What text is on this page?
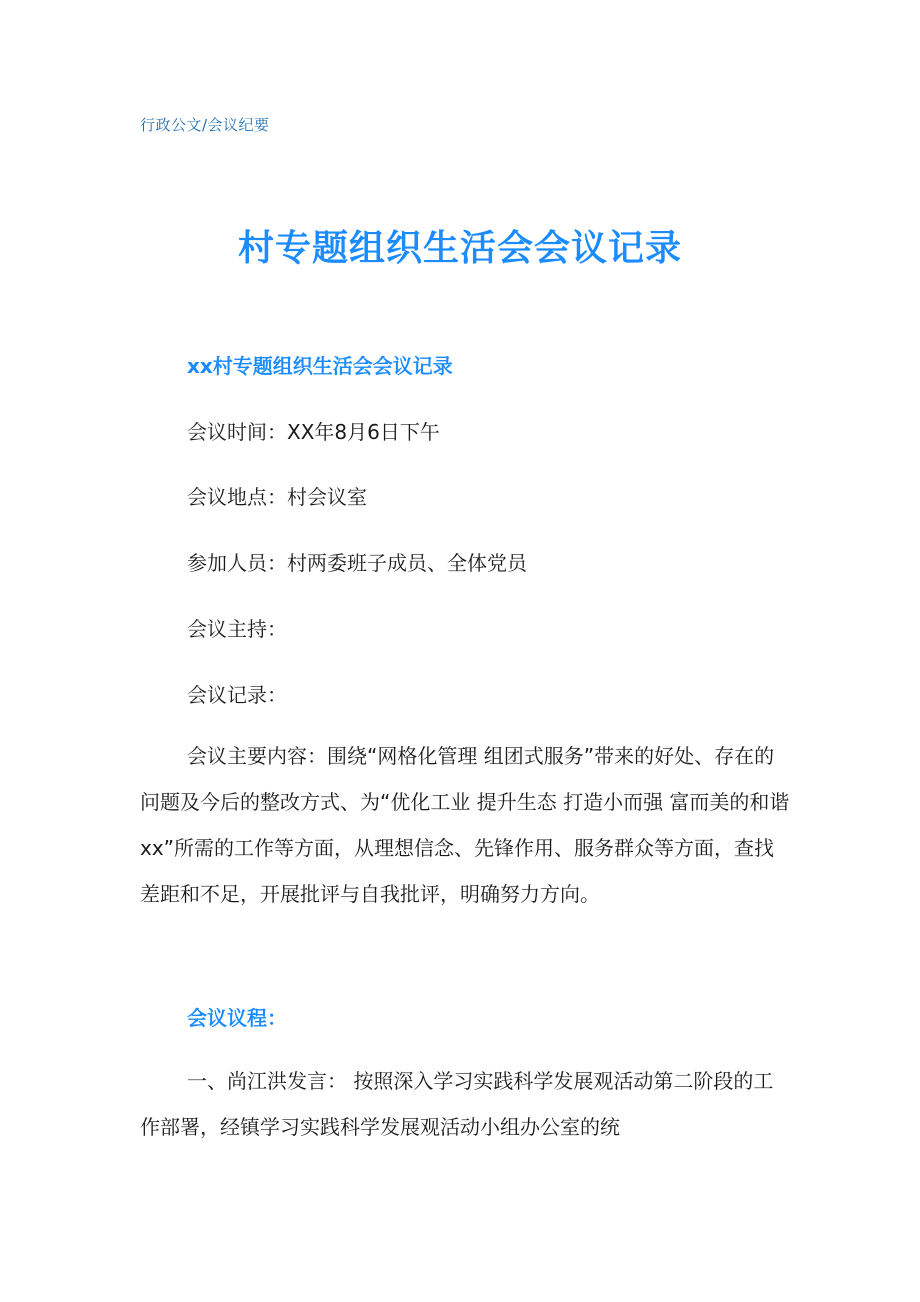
行政公文/会议纪要
村专题组织生活会会议记录
xx村专题组织生活会会议记录
会议时间：XX年8月6日下午
会议地点：村会议室
参加人员：村两委班子成员、全体党员
会议主持：
会议记录：

会议主要内容：围绕“网格化管理 组团式服务”带来的好处、存在的问题及今后的整改方式、为“优化工业 提升生态 打造小而强 富而美的和谐xx”所需的工作等方面，从理想信念、先锋作用、服务群众等方面，查找差距和不足，开展批评与自我批评，明确努力方向。

会议议程：

一、尚江洪发言： 按照深入学习实践科学发展观活动第二阶段的工作部署，经镇学习实践科学发展观活动小组办公室的统
